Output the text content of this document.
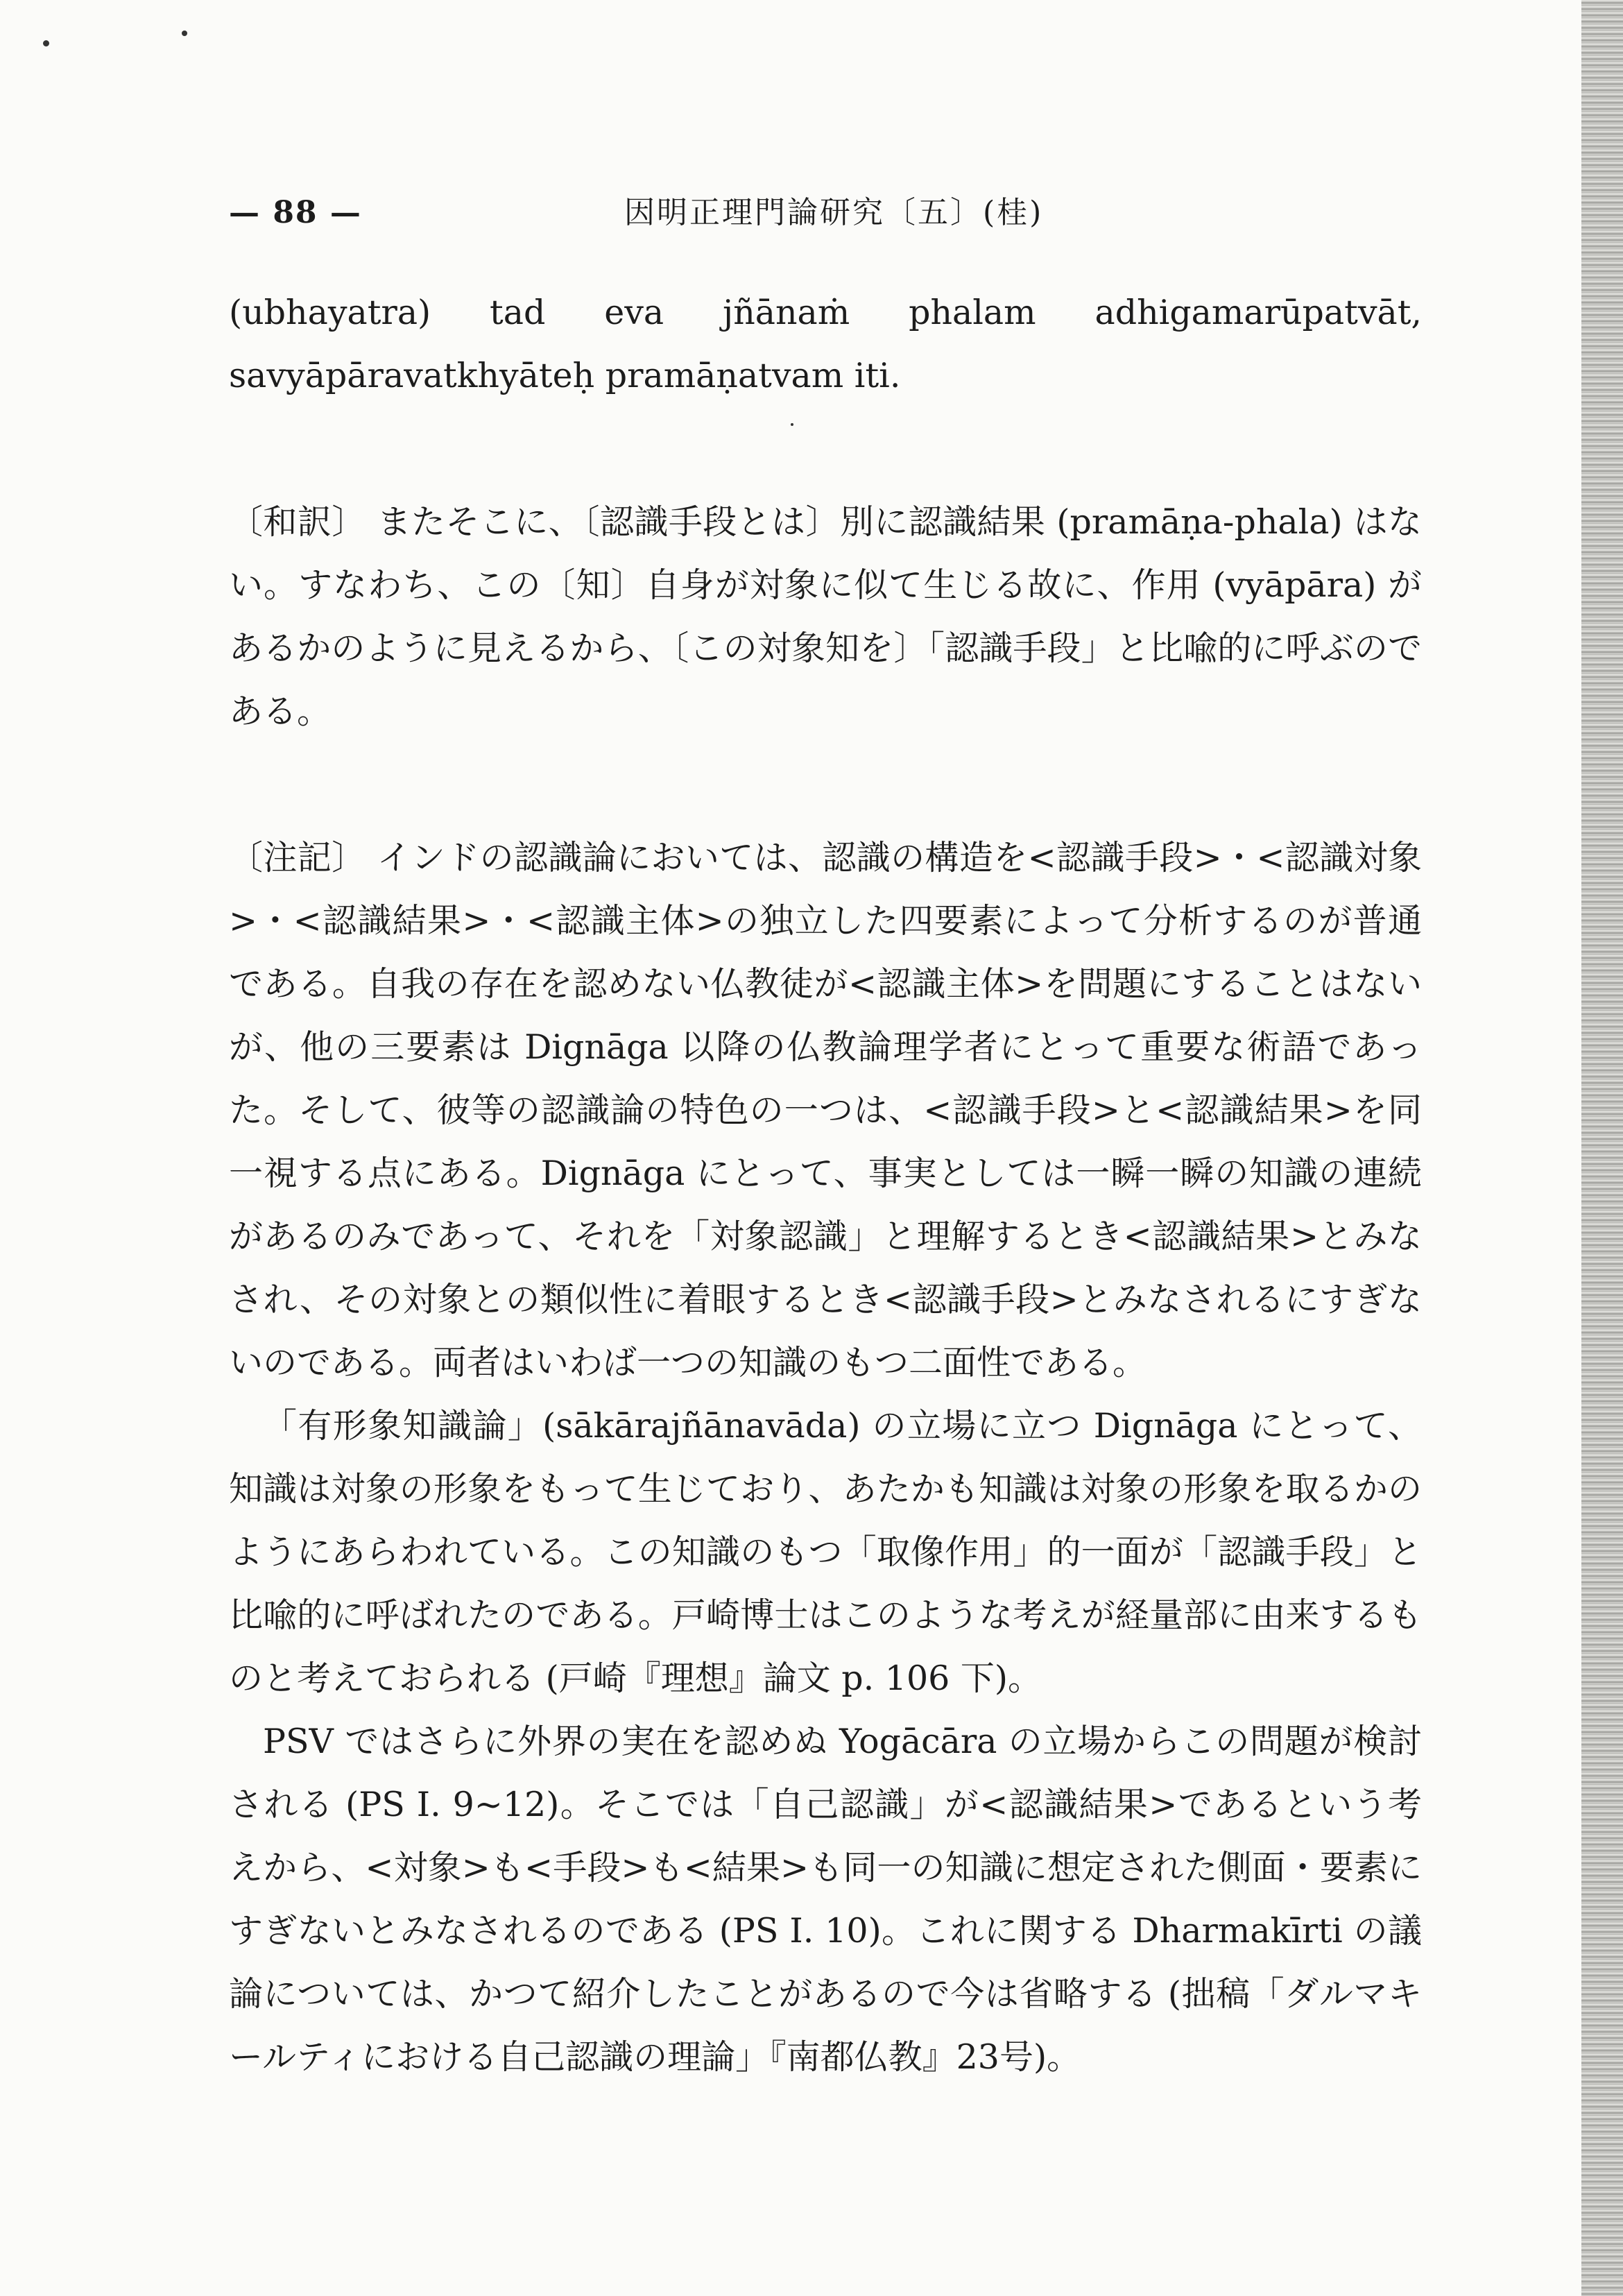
— 88 —	因明正理門論研究〔五〕(桂)

(ubhayatra) tad eva jñānaṁ phalam adhigamarūpatvāt, savyāpāravatkhyāteḥ pramāṇatvam iti.

〔和訳〕 またそこに、〔認識手段とは〕別に認識結果 (pramāṇa-phala) はない。すなわち、この〔知〕自身が対象に似て生じる故に、作用 (vyāpāra) があるかのように見えるから、〔この対象知を〕「認識手段」と比喩的に呼ぶのである。

〔注記〕 インドの認識論においては、認識の構造を<認識手段>・<認識対象>・<認識結果>・<認識主体>の独立した四要素によって分析するのが普通である。自我の存在を認めない仏教徒が<認識主体>を問題にすることはないが、他の三要素は Dignāga 以降の仏教論理学者にとって重要な術語であった。そして、彼等の認識論の特色の一つは、<認識手段>と<認識結果>を同一視する点にある。Dignāga にとって、事実としては一瞬一瞬の知識の連続があるのみであって、それを「対象認識」と理解するとき<認識結果>とみなされ、その対象との類似性に着眼するとき<認識手段>とみなされるにすぎないのである。両者はいわば一つの知識のもつ二面性である。

「有形象知識論」(sākārajñānavāda) の立場に立つ Dignāga にとって、知識は対象の形象をもって生じており、あたかも知識は対象の形象を取るかのようにあらわれている。この知識のもつ「取像作用」的一面が「認識手段」と比喩的に呼ばれたのである。戸崎博士はこのような考えが経量部に由来するものと考えておられる (戸崎『理想』論文 p. 106 下)。

PSV ではさらに外界の実在を認めぬ Yogācāra の立場からこの問題が検討される (PS I. 9~12)。そこでは「自己認識」が<認識結果>であるという考えから、<対象>も<手段>も<結果>も同一の知識に想定された側面・要素にすぎないとみなされるのである (PS I. 10)。これに関する Dharmakīrti の議論については、かつて紹介したことがあるので今は省略する (拙稿「ダルマキールティにおける自己認識の理論」『南都仏教』23号)。
